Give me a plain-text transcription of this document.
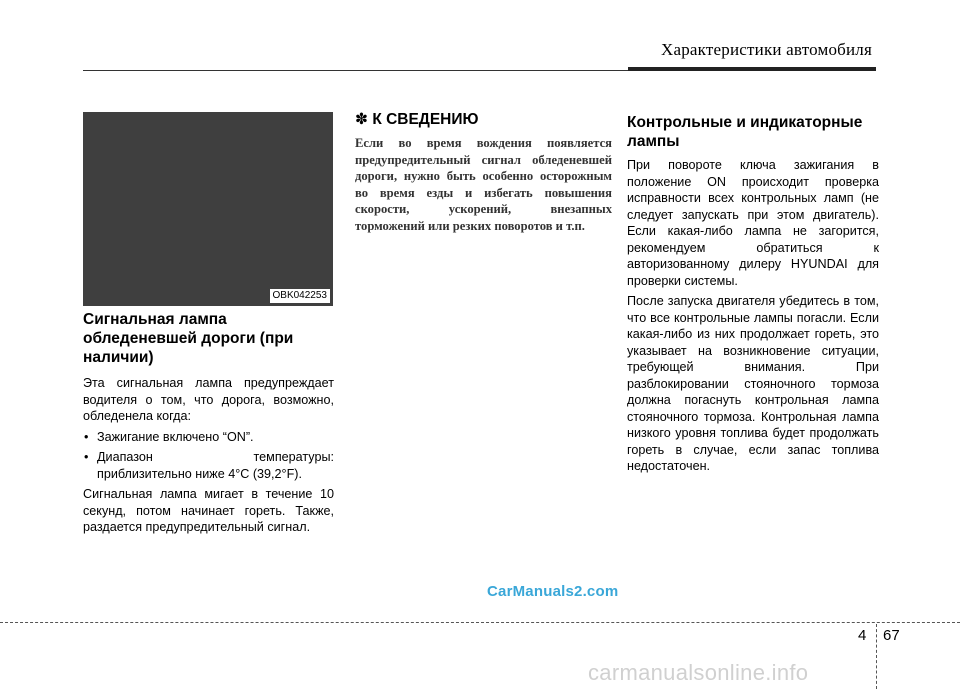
Характеристики автомобиля
OBK042253
Сигнальная лампа обледеневшей дороги (при наличии)

Эта сигнальная лампа предупреждает водителя о том, что дорога, возможно, обледенела когда:

• Зажигание включено “ON”.
• Диапазон	температуры:
приблизительно ниже 4°C (39,2°F).

Сигнальная лампа мигает в течение 10 секунд, потом начинает гореть. Также, раздается предупредительный сигнал.

✽ К СВЕДЕНИЮ

Если во время вождения появляется предупредительный сигнал обледеневшей дороги, нужно быть особенно осторожным во время езды и избегать повышения скорости, ускорений, внезапных торможений или резких поворотов и т.п.

Контрольные и индикаторные лампы

При повороте ключа зажигания в положение ON происходит проверка исправности всех контрольных ламп (не следует запускать при этом двигатель). Если какая-либо лампа не загорится, рекомендуем обратиться к авторизованному дилеру HYUNDAI для проверки системы.

После запуска двигателя убедитесь в том, что все контрольные лампы погасли. Если какая-либо из них продолжает гореть, это указывает на возникновение ситуации, требующей внимания. При разблокировании стояночного тормоза должна погаснуть контрольная лампа стояночного тормоза. Контрольная лампа низкого уровня топлива будет продолжать гореть в случае, если запас топлива недостаточен.

CarManuals2.com
4 67
carmanualsonline.info
